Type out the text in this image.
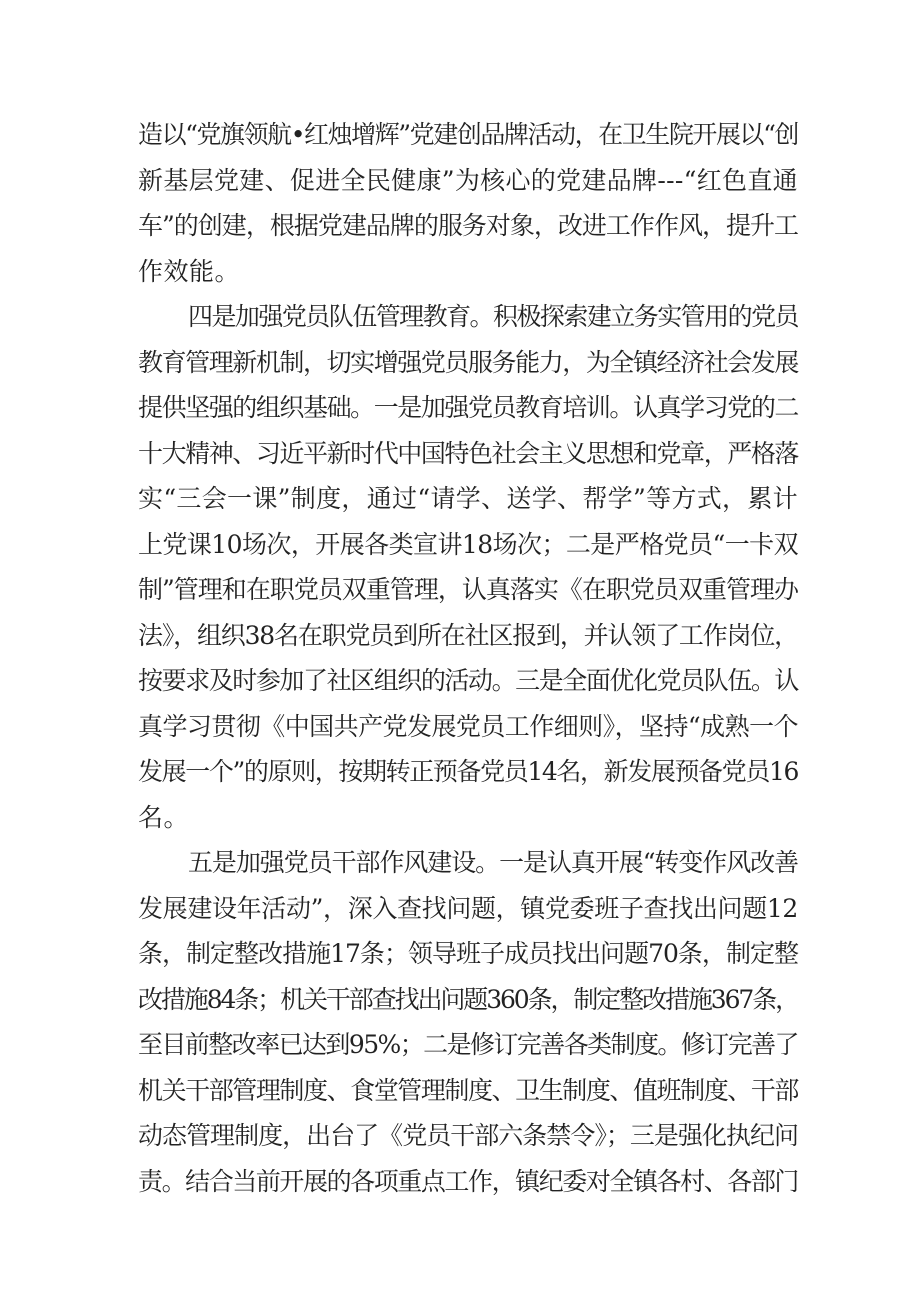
造以“党旗领航•红烛增辉”党建创品牌活动，在卫生院开展以“创
新基层党建、促进全民健康”为核心的党建品牌---“红色直通
车”的创建，根据党建品牌的服务对象，改进工作作风，提升工
作效能。
四是加强党员队伍管理教育。积极探索建立务实管用的党员
教育管理新机制，切实增强党员服务能力，为全镇经济社会发展
提供坚强的组织基础。一是加强党员教育培训。认真学习党的二
十大精神、习近平新时代中国特色社会主义思想和党章，严格落
实“三会一课”制度，通过“请学、送学、帮学”等方式，累计
上党课10场次，开展各类宣讲18场次；二是严格党员“一卡双
制”管理和在职党员双重管理，认真落实《在职党员双重管理办
法》，组织38名在职党员到所在社区报到，并认领了工作岗位，
按要求及时参加了社区组织的活动。三是全面优化党员队伍。认
真学习贯彻《中国共产党发展党员工作细则》，坚持“成熟一个
发展一个”的原则，按期转正预备党员14名，新发展预备党员16
名。
五是加强党员干部作风建设。一是认真开展“转变作风改善
发展建设年活动”，深入查找问题，镇党委班子查找出问题12
条，制定整改措施17条；领导班子成员找出问题70条，制定整
改措施84条；机关干部查找出问题360条，制定整改措施367条，
至目前整改率已达到95%；二是修订完善各类制度。修订完善了
机关干部管理制度、食堂管理制度、卫生制度、值班制度、干部
动态管理制度，出台了《党员干部六条禁令》；三是强化执纪问
责。结合当前开展的各项重点工作，镇纪委对全镇各村、各部门
